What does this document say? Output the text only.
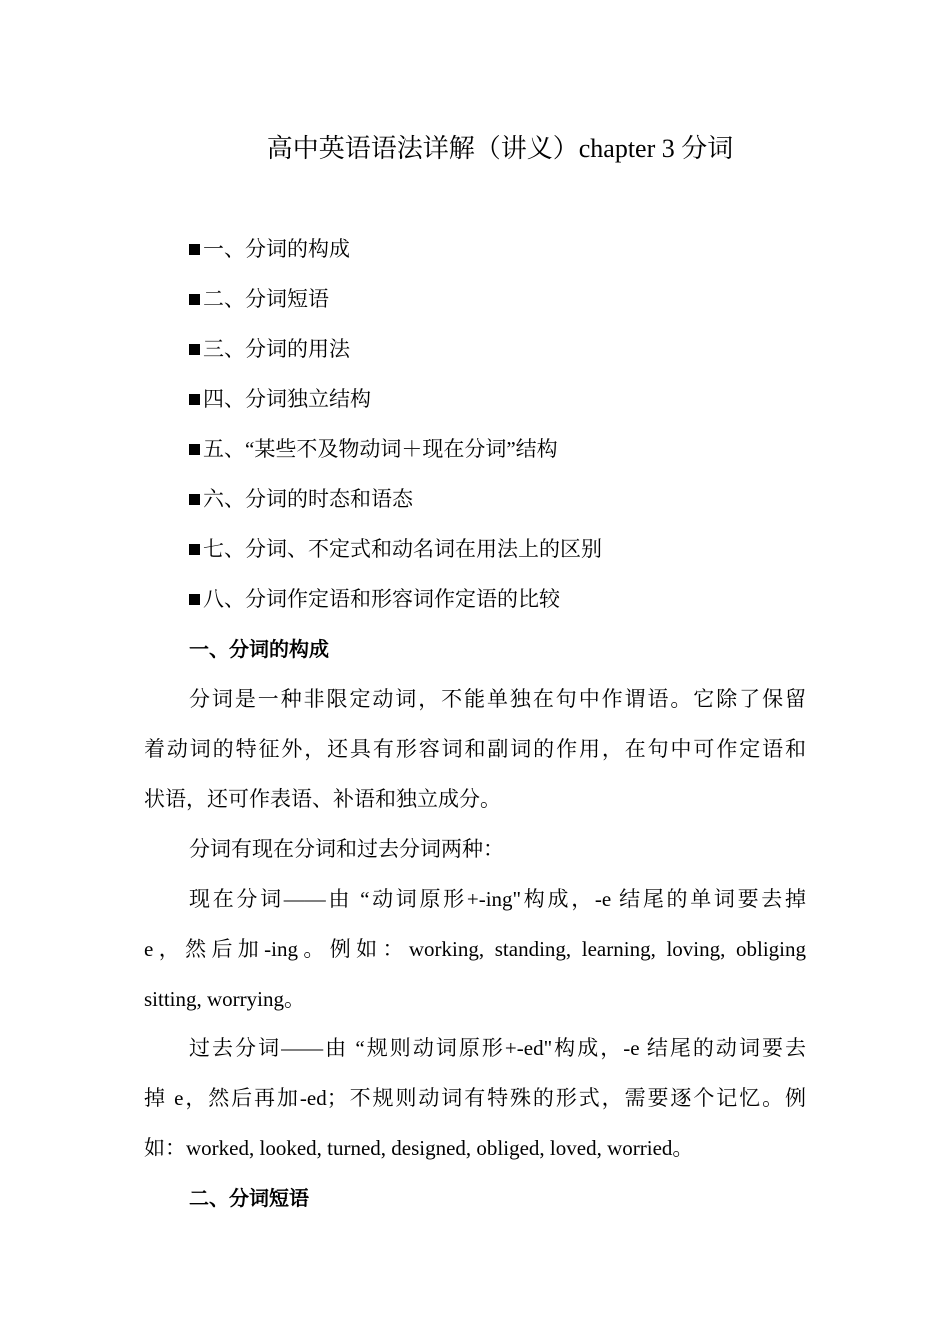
高中英语语法详解（讲义）chapter 3 分词
一、分词的构成
二、分词短语
三、分词的用法
四、分词独立结构
五、“某些不及物动词＋现在分词”结构
六、分词的时态和语态
七、分词、不定式和动名词在用法上的区别
八、分词作定语和形容词作定语的比较
一、分词的构成
分词是一种非限定动词，不能单独在句中作谓语。它除了保留
着动词的特征外，还具有形容词和副词的作用，在句中可作定语和
状语，还可作表语、补语和独立成分。
分词有现在分词和过去分词两种：
现在分词——由 “动词原形+-ing"构成，-e 结尾的单词要去掉
e，然后加-ing。例如：working, standing, learning, loving, obliging
sitting, worrying。
过去分词——由 “规则动词原形+-ed"构成，-e 结尾的动词要去
掉 e，然后再加-ed；不规则动词有特殊的形式，需要逐个记忆。例
如：worked, looked, turned, designed, obliged, loved, worried。
二、分词短语
